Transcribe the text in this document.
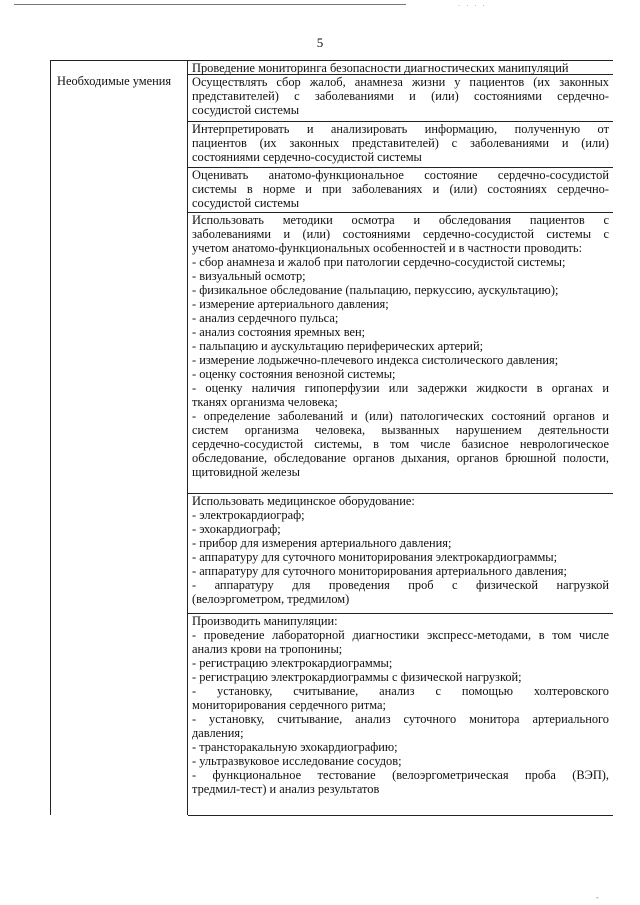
· · · ·
-
5
Необходимые умения

Проведение мониторинга безопасности диагностических манипуляций

Осуществлять сбор жалоб, анамнеза жизни у пациентов (их законных

представителей) с заболеваниями и (или) состояниями сердечно-

сосудистой системы

Интерпретировать и анализировать информацию, полученную от

пациентов (их законных представителей) с заболеваниями и (или)

состояниями сердечно-сосудистой системы

Оценивать анатомо-функциональное состояние сердечно-сосудистой

системы в норме и при заболеваниях и (или) состояниях сердечно-

сосудистой системы

Использовать методики осмотра и обследования пациентов с

заболеваниями и (или) состояниями сердечно-сосудистой системы с

учетом анатомо-функциональных особенностей и в частности проводить:

- сбор анамнеза и жалоб при патологии сердечно-сосудистой системы;

- визуальный осмотр;

- физикальное обследование (пальпацию, перкуссию, аускультацию);

- измерение артериального давления;

- анализ сердечного пульса;

- анализ состояния яремных вен;

- пальпацию и аускультацию периферических артерий;

- измерение лодыжечно-плечевого индекса систолического давления;

- оценку состояния венозной системы;

- оценку наличия гипоперфузии или задержки жидкости в органах и

тканях организма человека;

- определение заболеваний и (или) патологических состояний органов и

систем организма человека, вызванных нарушением деятельности

сердечно-сосудистой системы, в том числе базисное неврологическое

обследование, обследование органов дыхания, органов брюшной полости,

щитовидной железы

Использовать медицинское оборудование:

- электрокардиограф;

- эхокардиограф;

- прибор для измерения артериального давления;

- аппаратуру для суточного мониторирования электрокардиограммы;

- аппаратуру для суточного мониторирования артериального давления;

- аппаратуру для проведения проб с физической нагрузкой

(велоэргометром, тредмилом)

Производить манипуляции:

- проведение лабораторной диагностики экспресс-методами, в том числе

анализ крови на тропонины;

- регистрацию электрокардиограммы;

- регистрацию электрокардиограммы с физической нагрузкой;

- установку, считывание, анализ с помощью холтеровского

мониторирования сердечного ритма;

- установку, считывание, анализ суточного монитора артериального

давления;

- трансторакальную эхокардиографию;

- ультразвуковое исследование сосудов;

- функциональное тестование (велоэргометрическая проба (ВЭП),

тредмил-тест) и анализ результатов
